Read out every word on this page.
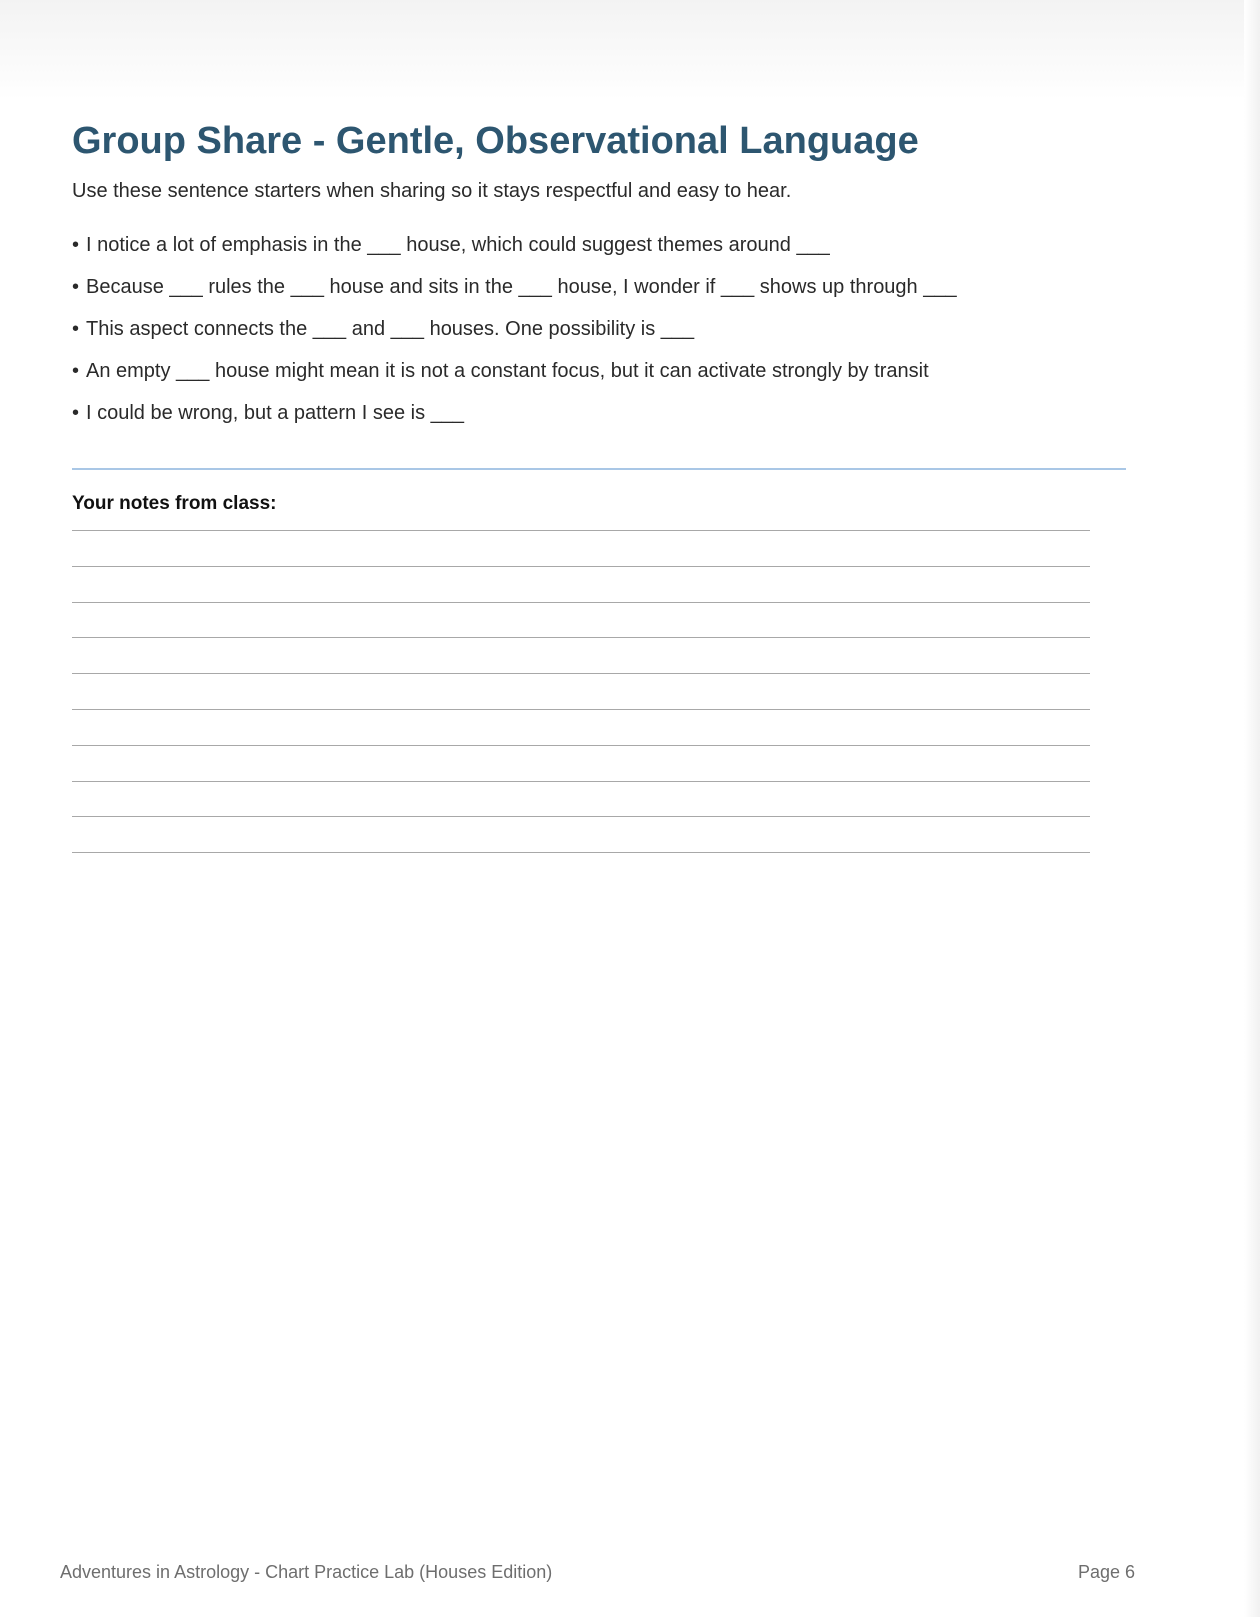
Group Share - Gentle, Observational Language

Use these sentence starters when sharing so it stays respectful and easy to hear.

• I notice a lot of emphasis in the ___ house, which could suggest themes around ___
• Because ___ rules the ___ house and sits in the ___ house, I wonder if ___ shows up through ___
• This aspect connects the ___ and ___ houses. One possibility is ___
• An empty ___ house might mean it is not a constant focus, but it can activate strongly by transit
• I could be wrong, but a pattern I see is ___

Your notes from class:

Adventures in Astrology - Chart Practice Lab (Houses Edition)	Page 6
